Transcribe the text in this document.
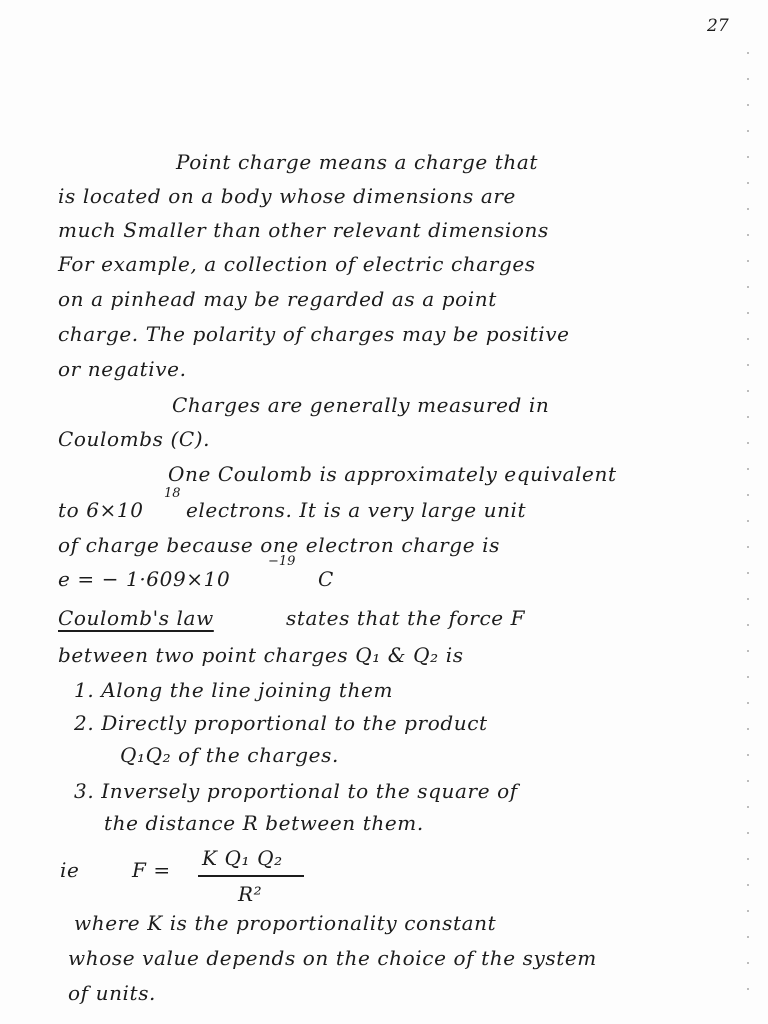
27
Point charge means a charge that
is located on a body whose dimensions are
much Smaller than other relevant dimensions
For example, a collection of electric charges
on a pinhead may be regarded as a point
charge. The polarity of charges may be positive
or negative.
Charges are generally measured in
Coulombs (C).
One Coulomb is approximately equivalent
to 6×10
18
electrons. It is a very large unit
of charge because one electron charge is
e = − 1·609×10
−19
C
Coulomb's law	states that the force F
between two point charges Q₁ & Q₂ is
1. Along the line joining them
2. Directly proportional to the product
Q₁Q₂ of the charges.
3. Inversely proportional to the square of
the distance R between them.
ie	F = K Q₁ Q₂
R²
where K is the proportionality constant
whose value depends on the choice of the system
of units.
